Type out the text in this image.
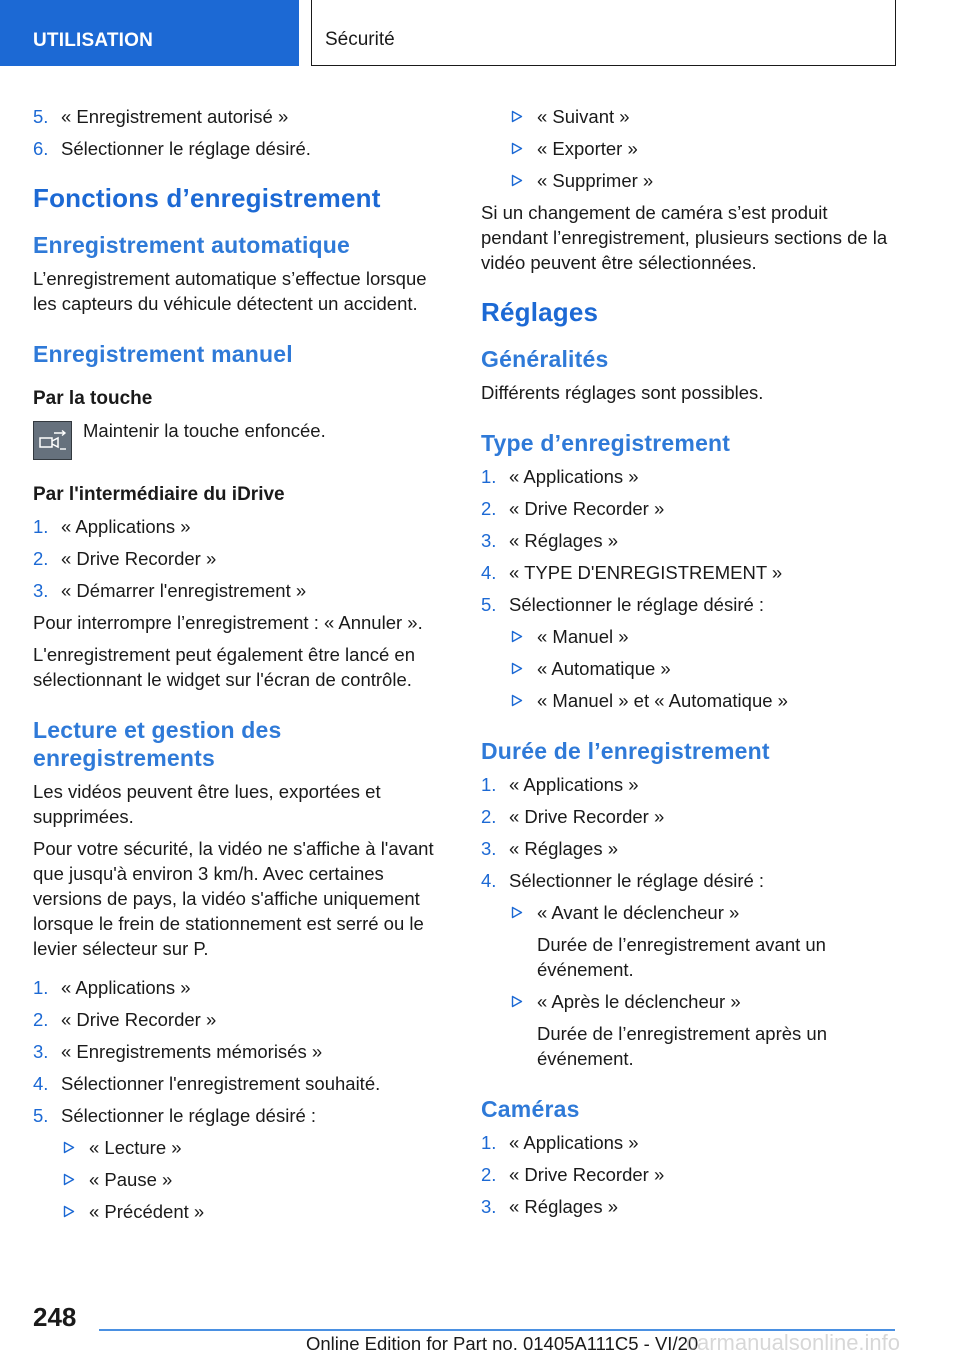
UTILISATION	Sécurité
5. « Enregistrement autorisé »
6. Sélectionner le réglage désiré.
Fonctions d’enregistrement
Enregistrement automatique
L’enregistrement automatique s’effectue lorsque les capteurs du véhicule détectent un accident.
Enregistrement manuel
Par la touche
Maintenir la touche enfoncée.
Par l'intermédiaire du iDrive
1. « Applications »
2. « Drive Recorder »
3. « Démarrer l'enregistrement »
Pour interrompre l’enregistrement : « Annuler ».
L'enregistrement peut également être lancé en sélectionnant le widget sur l'écran de contrôle.
Lecture et gestion des enregistrements
Les vidéos peuvent être lues, exportées et supprimées.
Pour votre sécurité, la vidéo ne s'affiche à l'avant que jusqu'à environ 3 km/h. Avec certaines versions de pays, la vidéo s'affiche uniquement lorsque le frein de stationnement est serré ou le levier sélecteur sur P.
1. « Applications »
2. « Drive Recorder »
3. « Enregistrements mémorisés »
4. Sélectionner l'enregistrement souhaité.
5. Sélectionner le réglage désiré :
« Lecture »
« Pause »
« Précédent »
« Suivant »
« Exporter »
« Supprimer »
Si un changement de caméra s’est produit pendant l’enregistrement, plusieurs sections de la vidéo peuvent être sélectionnées.
Réglages
Généralités
Différents réglages sont possibles.
Type d’enregistrement
1. « Applications »
2. « Drive Recorder »
3. « Réglages »
4. « TYPE D'ENREGISTREMENT »
5. Sélectionner le réglage désiré :
« Manuel »
« Automatique »
« Manuel » et « Automatique »
Durée de l’enregistrement
1. « Applications »
2. « Drive Recorder »
3. « Réglages »
4. Sélectionner le réglage désiré :
« Avant le déclencheur »
Durée de l’enregistrement avant un événement.
« Après le déclencheur »
Durée de l’enregistrement après un événement.
Caméras
1. « Applications »
2. « Drive Recorder »
3. « Réglages »
248
Online Edition for Part no. 01405A111C5 - VI/20
carmanualsonline.info
